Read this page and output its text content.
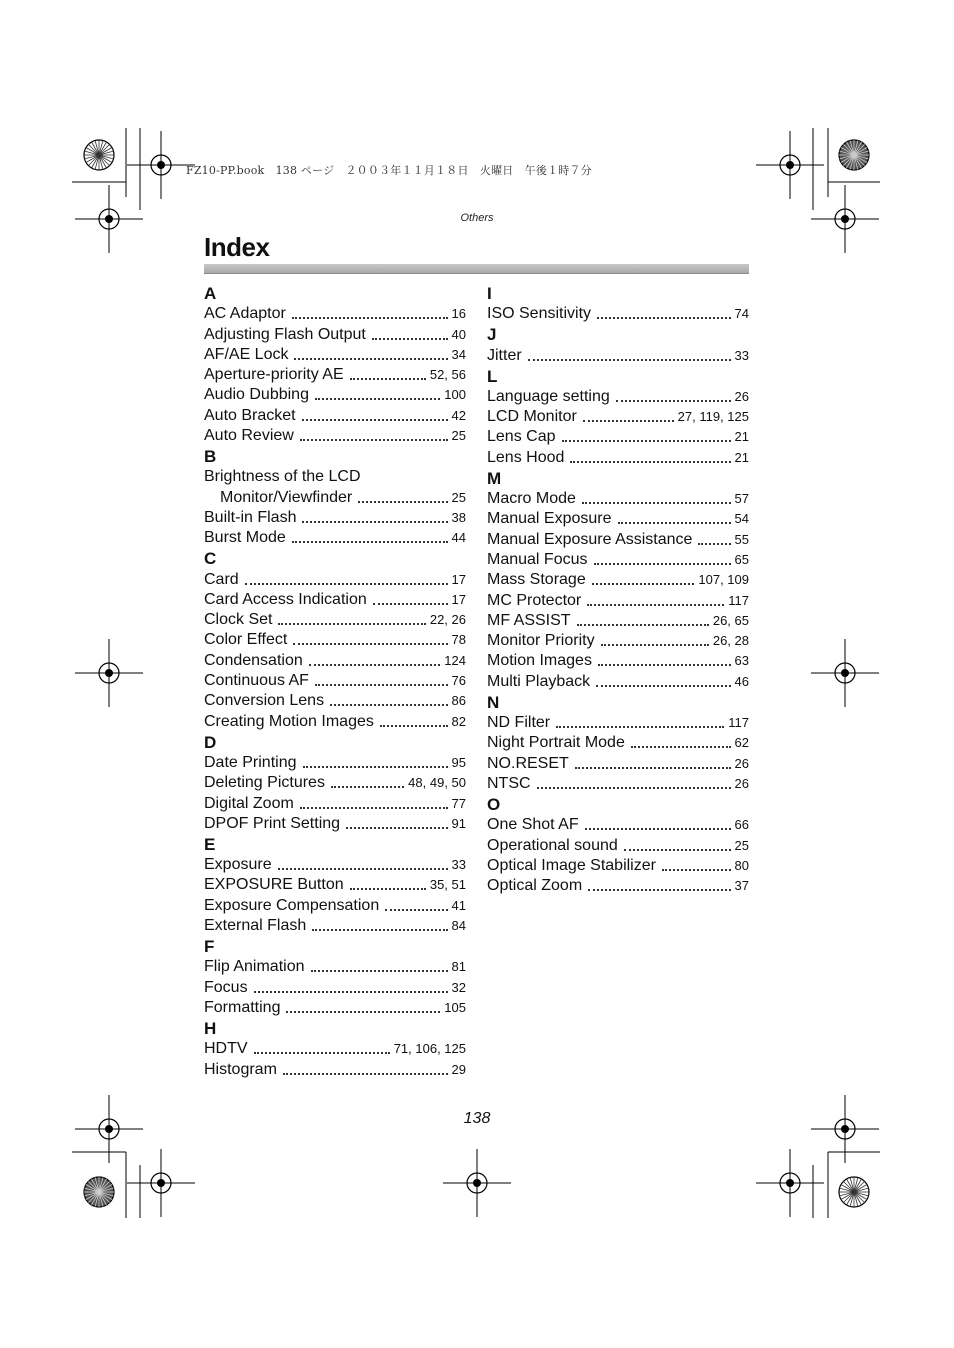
FZ10-PP.book　138 ページ　２００３年１１月１８日　火曜日　午後１時７分
Others
Index
A
AC Adaptor	16
Adjusting Flash Output	40
AF/AE Lock	34
Aperture-priority AE	52, 56
Audio Dubbing	100
Auto Bracket	42
Auto Review	25
B
Brightness of the LCD
Monitor/Viewfinder	25
Built-in Flash	38
Burst Mode	44
C
Card	17
Card Access Indication	17
Clock Set	22, 26
Color Effect	78
Condensation	124
Continuous AF	76
Conversion Lens	86
Creating Motion Images	82
D
Date Printing	95
Deleting Pictures	48, 49, 50
Digital Zoom	77
DPOF Print Setting	91
E
Exposure	33
EXPOSURE Button	35, 51
Exposure Compensation	41
External Flash	84
F
Flip Animation	81
Focus	32
Formatting	105
H
HDTV	71, 106, 125
Histogram	29
I
ISO Sensitivity	74
J
Jitter	33
L
Language setting	26
LCD Monitor	27, 119, 125
Lens Cap	21
Lens Hood	21
M
Macro Mode	57
Manual Exposure	54
Manual Exposure Assistance	55
Manual Focus	65
Mass Storage	107, 109
MC Protector	117
MF ASSIST	26, 65
Monitor Priority	26, 28
Motion Images	63
Multi Playback	46
N
ND Filter	117
Night Portrait Mode	62
NO.RESET	26
NTSC	26
O
One Shot AF	66
Operational sound	25
Optical Image Stabilizer	80
Optical Zoom	37
138
